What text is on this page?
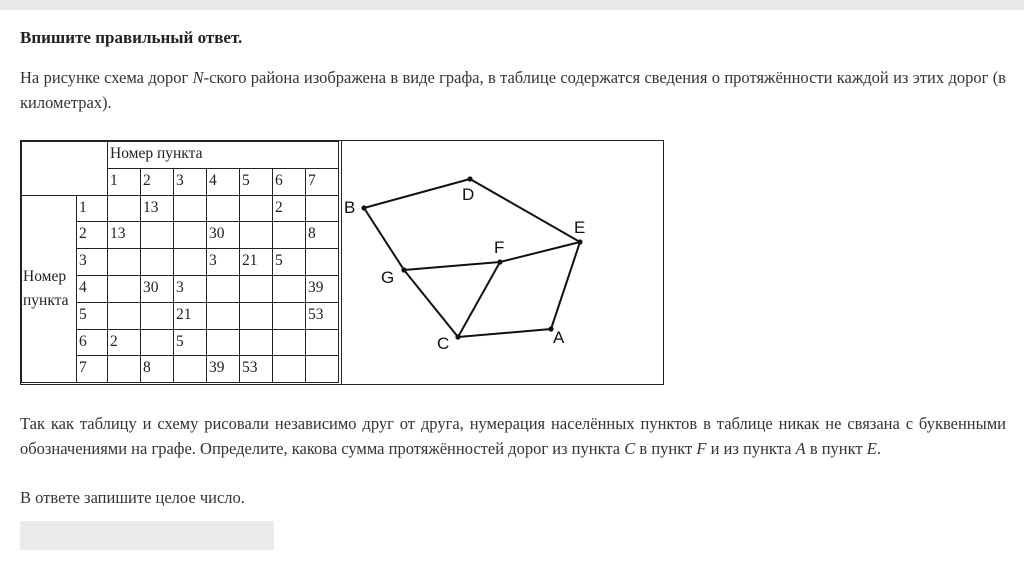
Впишите правильный ответ.
На рисунке схема дорог N-ского района изображена в виде графа, в таблице содержатся сведения о протяжённости каждой из этих дорог (в километрах).
		Номер пункта						
		1	2	3	4	5	6	7
Номер пункта	1		13				2	
	2	13			30			8
	3				3	21	5	
	4		30	3				39
	5			21				53
	6	2		5				
	7		8		39	53		
B
D
E
F
G
C	A
Так как таблицу и схему рисовали независимо друг от друга, нумерация населённых пунктов в таблице никак не связана с буквенными обозначениями на графе. Определите, какова сумма протяжённостей дорог из пункта C в пункт F и из пункта A в пункт E.
В ответе запишите целое число.
